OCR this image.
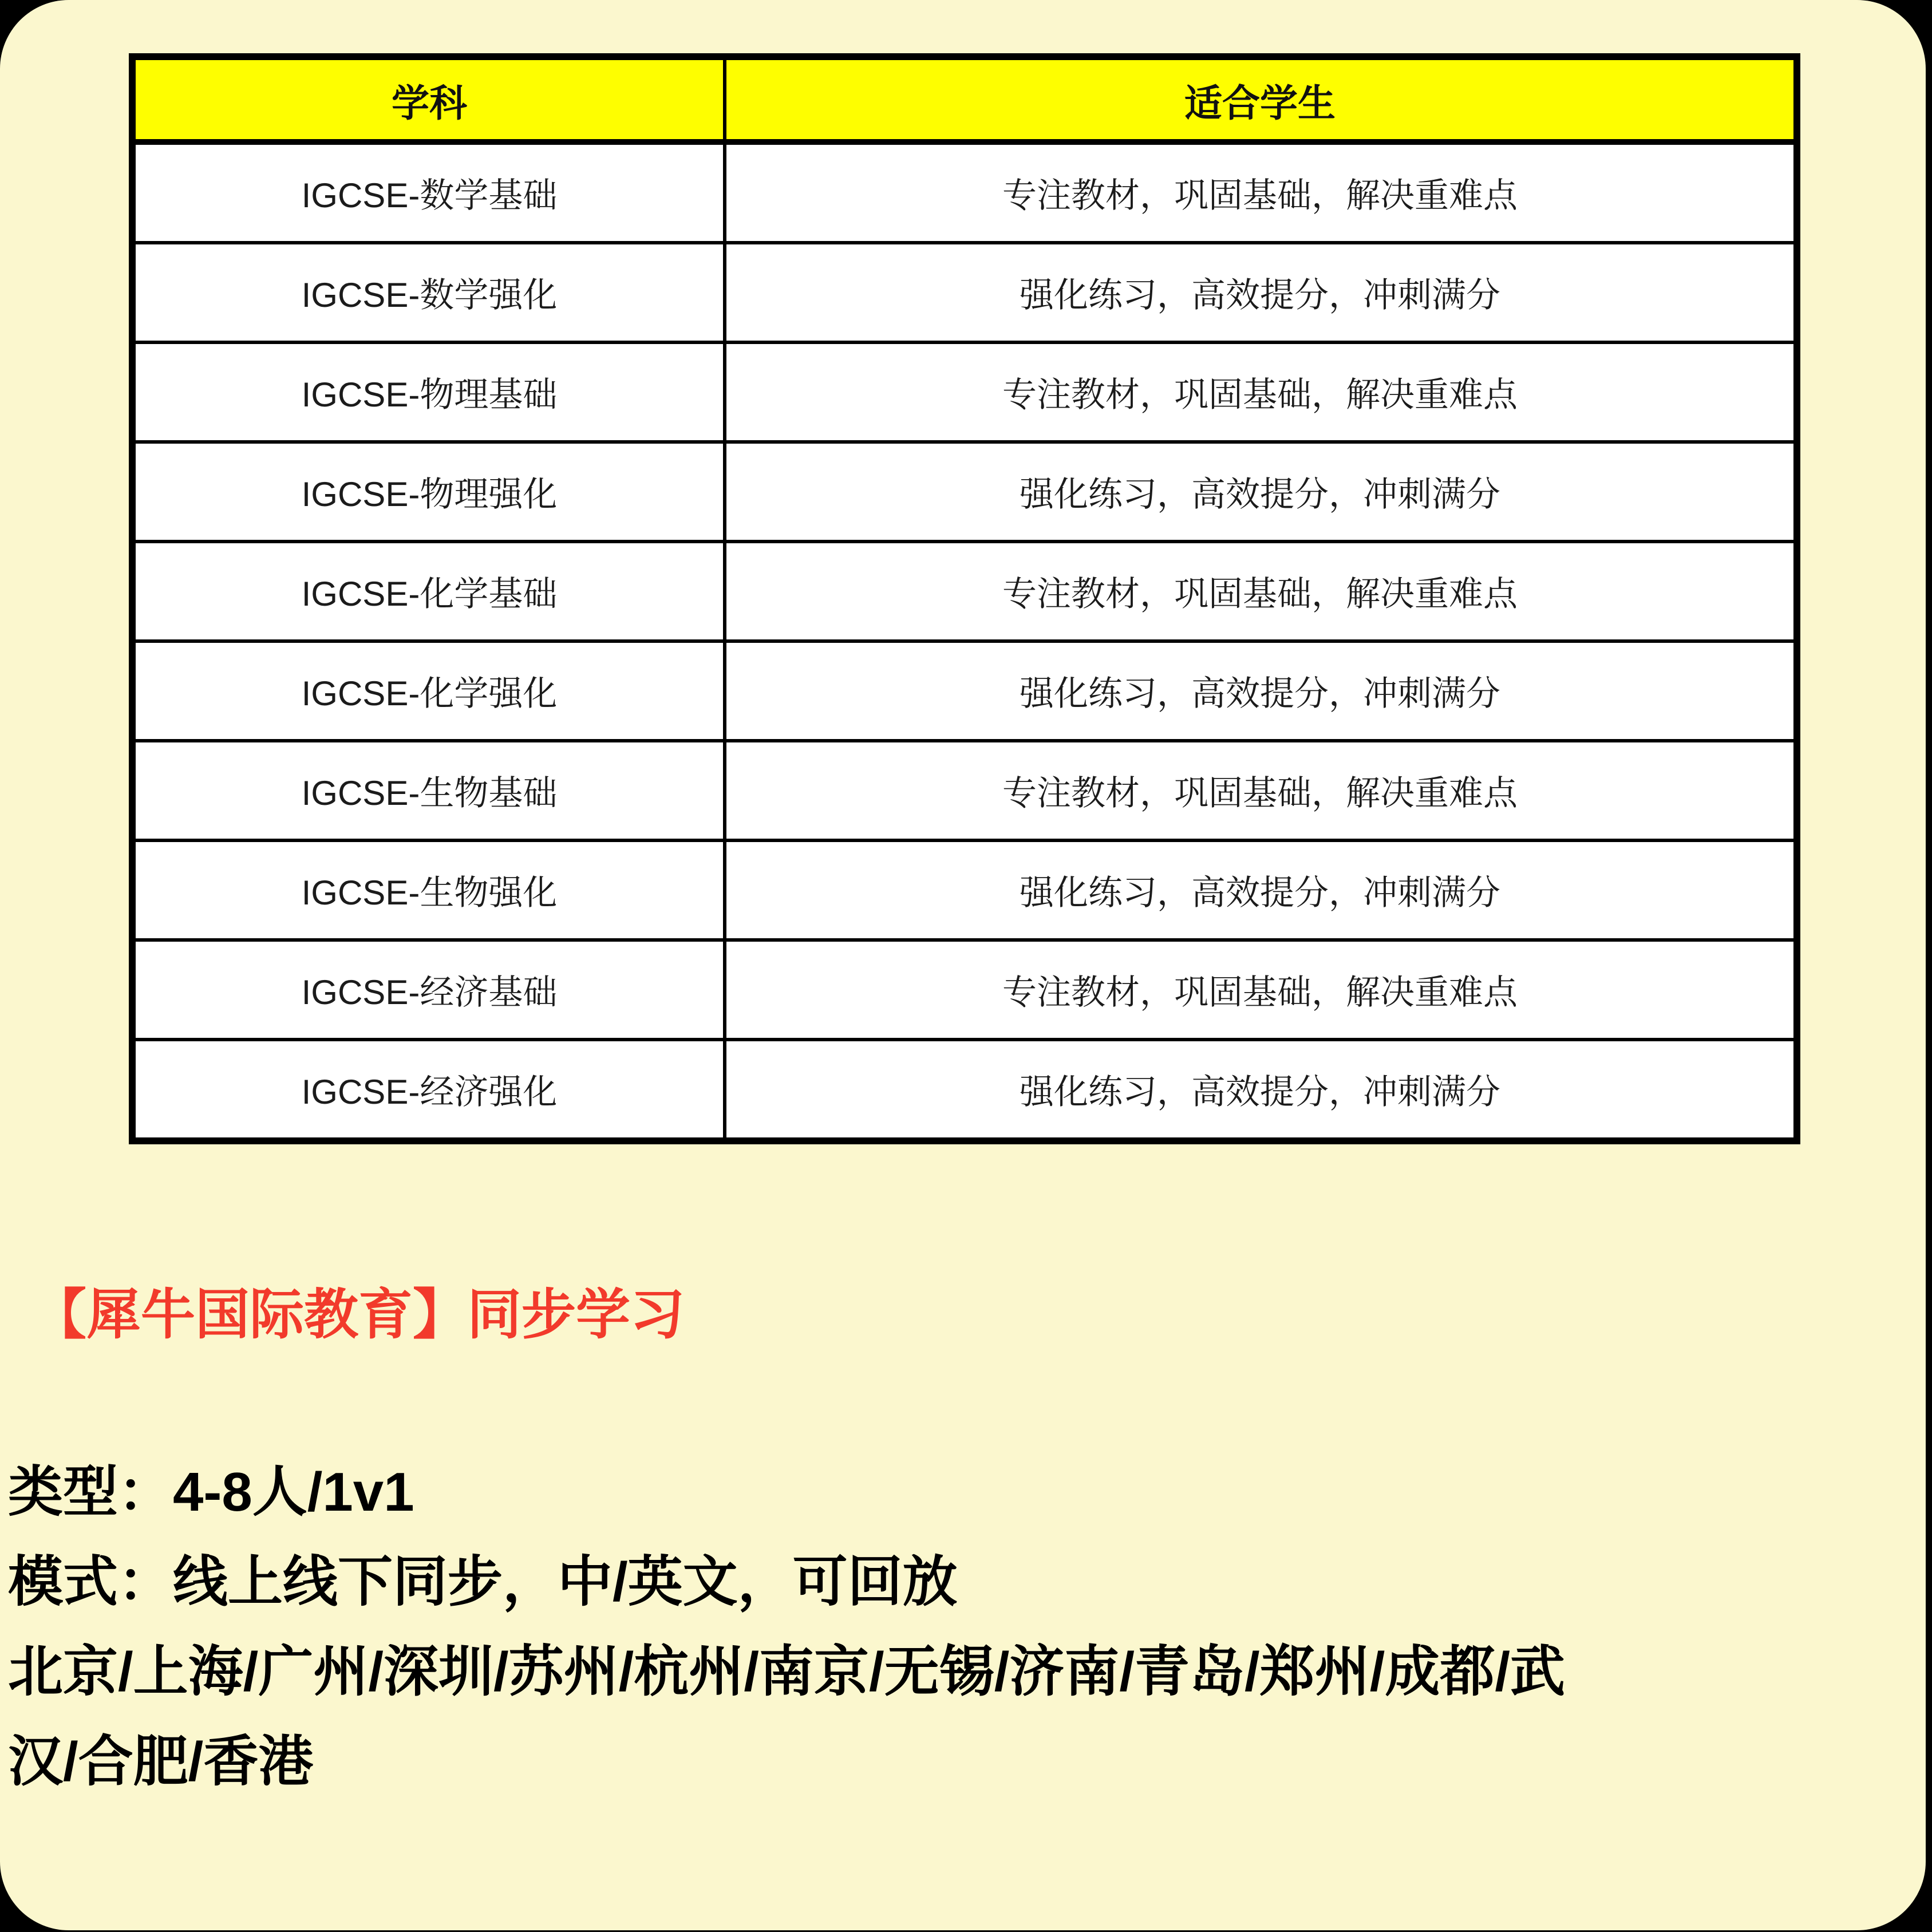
学科	适合学生
IGCSE-数学基础	专注教材，巩固基础，解决重难点
IGCSE-数学强化	强化练习，高效提分，冲刺满分
IGCSE-物理基础	专注教材，巩固基础，解决重难点
IGCSE-物理强化	强化练习，高效提分，冲刺满分
IGCSE-化学基础	专注教材，巩固基础，解决重难点
IGCSE-化学强化	强化练习，高效提分，冲刺满分
IGCSE-生物基础	专注教材，巩固基础，解决重难点
IGCSE-生物强化	强化练习，高效提分，冲刺满分
IGCSE-经济基础	专注教材，巩固基础，解决重难点
IGCSE-经济强化	强化练习，高效提分，冲刺满分
【犀牛国际教育】同步学习

类型：4-8人/1v1

模式：线上线下同步，中/英文，可回放

北京/上海/广州/深圳/苏州/杭州/南京/无锡/济南/青岛/郑州/成都/武

汉/合肥/香港
